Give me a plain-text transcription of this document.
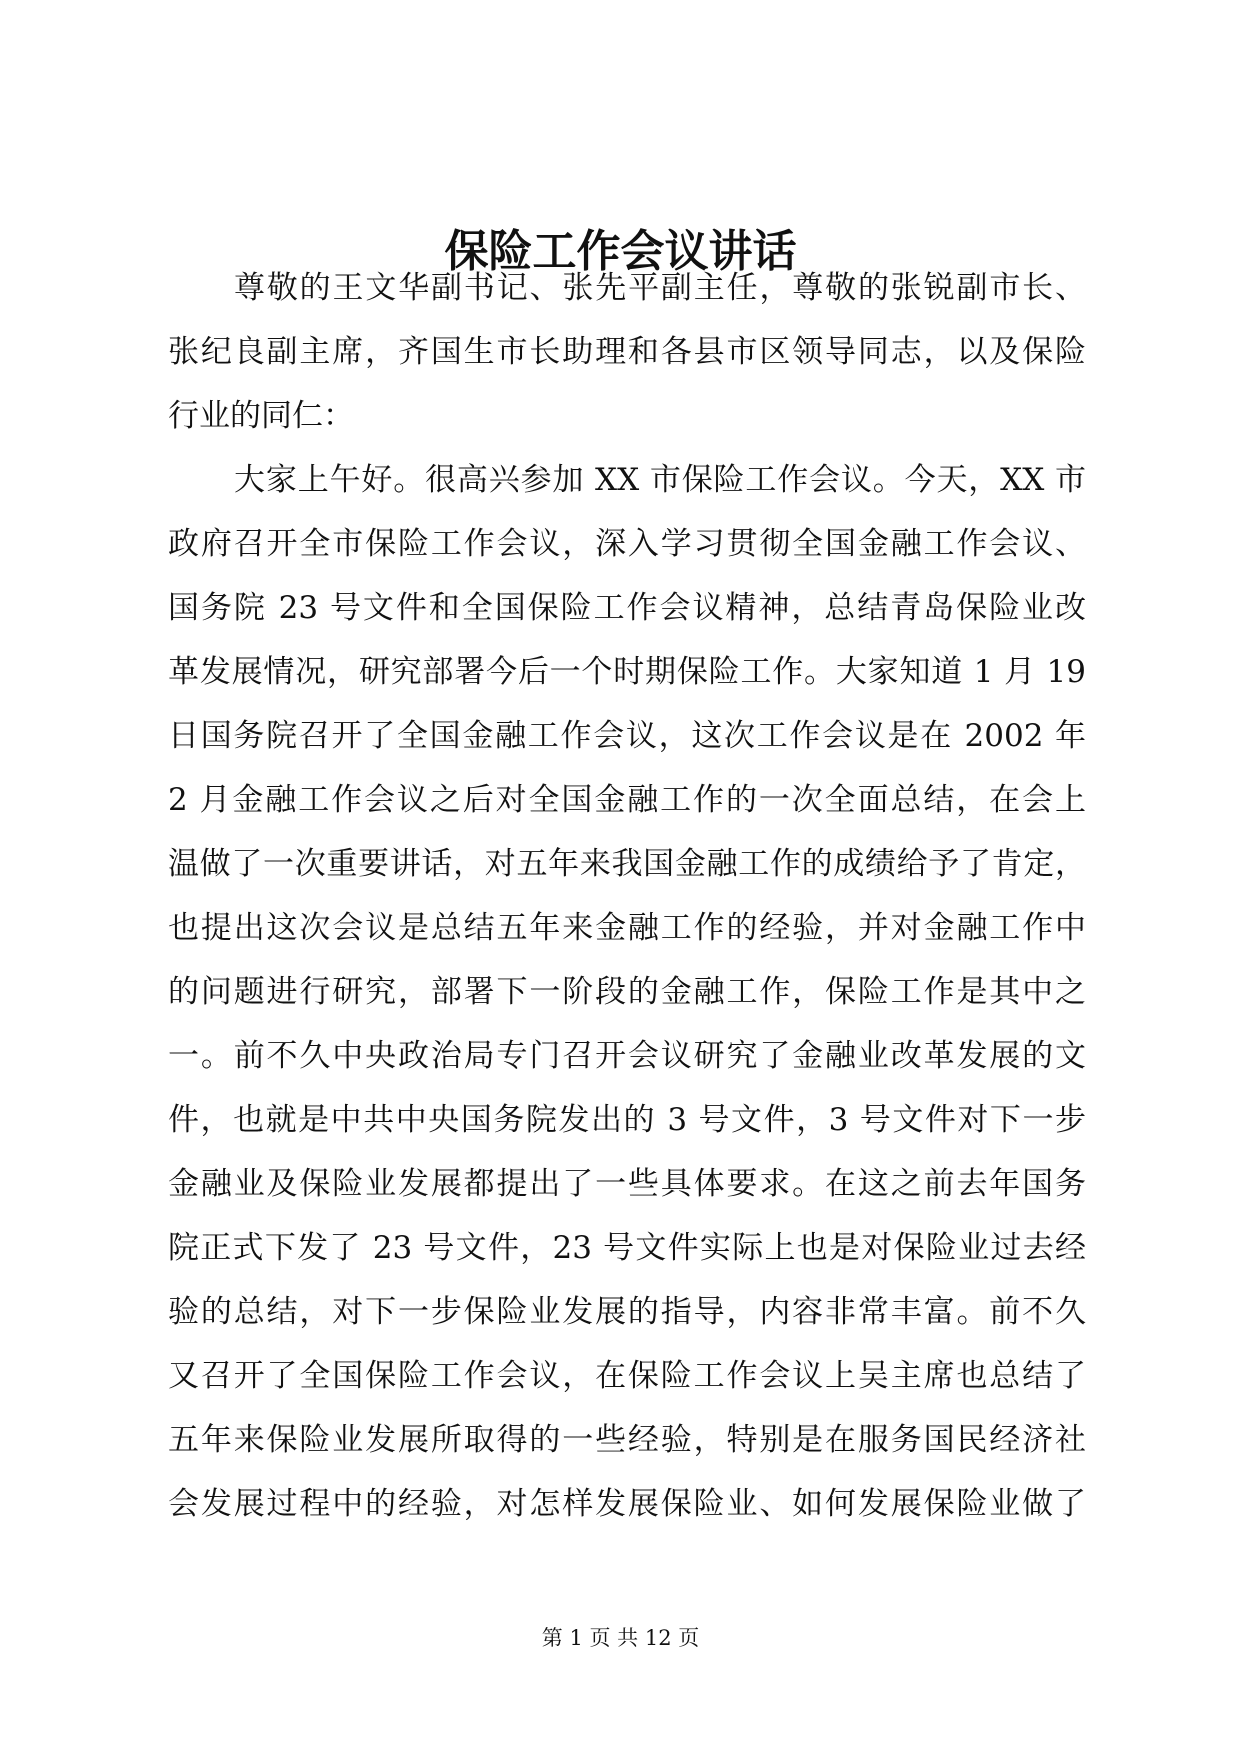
保险工作会议讲话
尊敬的王文华副书记、张先平副主任，尊敬的张锐副市长、
张纪良副主席，齐国生市长助理和各县市区领导同志，以及保险
行业的同仁：
大家上午好。很高兴参加 XX 市保险工作会议。今天，XX 市
政府召开全市保险工作会议，深入学习贯彻全国金融工作会议、
国务院 23 号文件和全国保险工作会议精神，总结青岛保险业改
革发展情况，研究部署今后一个时期保险工作。大家知道 1 月 19
日国务院召开了全国金融工作会议，这次工作会议是在 2002 年
2 月金融工作会议之后对全国金融工作的一次全面总结，在会上
温做了一次重要讲话，对五年来我国金融工作的成绩给予了肯定，
也提出这次会议是总结五年来金融工作的经验，并对金融工作中
的问题进行研究，部署下一阶段的金融工作，保险工作是其中之
一。前不久中央政治局专门召开会议研究了金融业改革发展的文
件，也就是中共中央国务院发出的 3 号文件，3 号文件对下一步
金融业及保险业发展都提出了一些具体要求。在这之前去年国务
院正式下发了 23 号文件，23 号文件实际上也是对保险业过去经
验的总结，对下一步保险业发展的指导，内容非常丰富。前不久
又召开了全国保险工作会议，在保险工作会议上吴主席也总结了
五年来保险业发展所取得的一些经验，特别是在服务国民经济社
会发展过程中的经验，对怎样发展保险业、如何发展保险业做了
第 1 页 共 12 页
